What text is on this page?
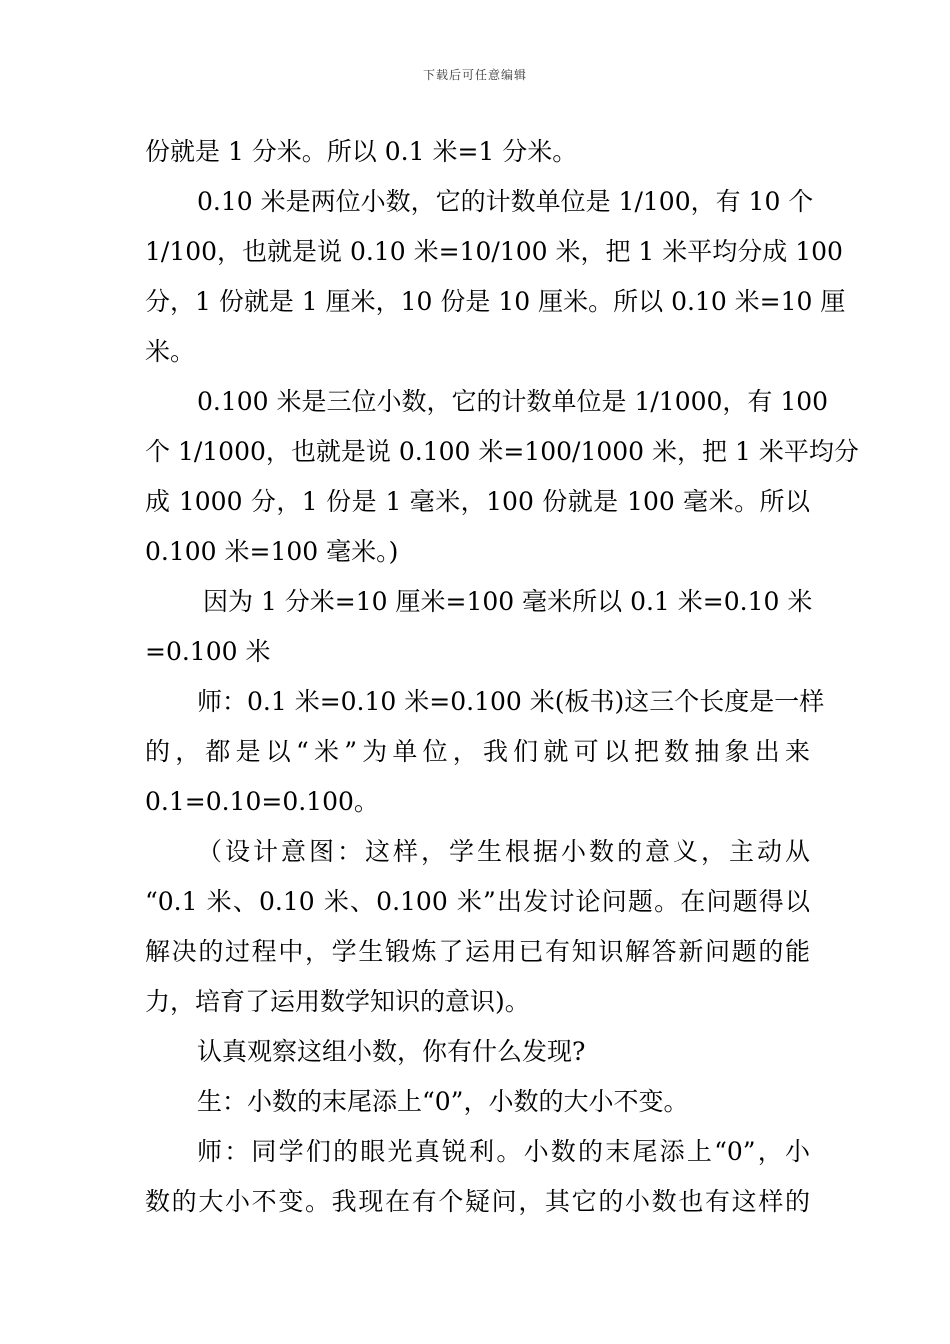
下载后可任意编辑
份就是 1 分米。所以 0.1 米=1 分米。
0.10 米是两位小数，它的计数单位是 1/100，有 10 个
1/100，也就是说 0.10 米=10/100 米，把 1 米平均分成 100
分，1 份就是 1 厘米，10 份是 10 厘米。所以 0.10 米=10 厘
米。
0.100 米是三位小数，它的计数单位是 1/1000，有 100
个 1/1000，也就是说 0.100 米=100/1000 米，把 1 米平均分
成 1000 分，1 份是 1 毫米，100 份就是 100 毫米。所以
0.100 米=100 毫米。)
因为 1 分米=10 厘米=100 毫米所以 0.1 米=0.10 米
=0.100 米
师：0.1 米=0.10 米=0.100 米(板书)这三个长度是一样
的，都是以“米”为单位，我们就可以把数抽象出来
0.1=0.10=0.100。
（设计意图：这样，学生根据小数的意义，主动从
“0.1 米、0.10 米、0.100 米”出发讨论问题。在问题得以
解决的过程中，学生锻炼了运用已有知识解答新问题的能
力，培育了运用数学知识的意识)。
认真观察这组小数，你有什么发现?
生：小数的末尾添上“0”，小数的大小不变。
师：同学们的眼光真锐利。小数的末尾添上“0”，小
数的大小不变。我现在有个疑问，其它的小数也有这样的
